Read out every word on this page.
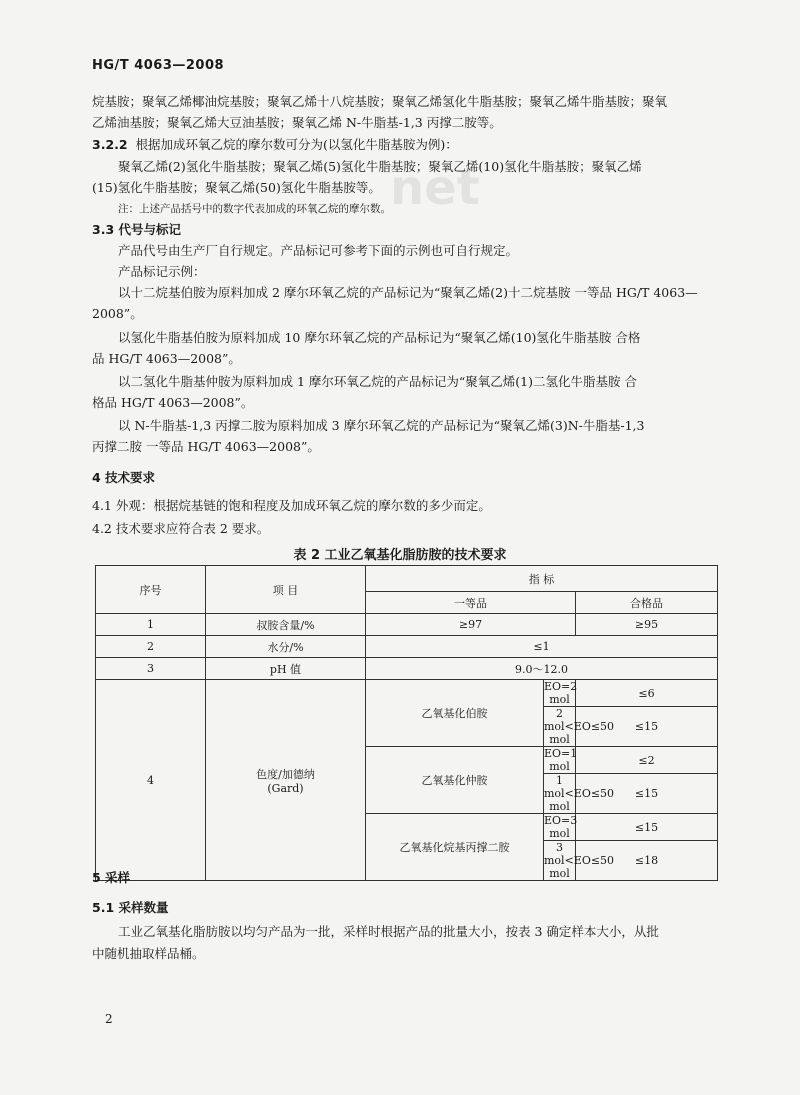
net
HG/T 4063—2008
烷基胺；聚氧乙烯椰油烷基胺；聚氧乙烯十八烷基胺；聚氧乙烯氢化牛脂基胺；聚氧乙烯牛脂基胺；聚氧
乙烯油基胺；聚氧乙烯大豆油基胺；聚氧乙烯 N-牛脂基-1,3 丙撑二胺等。
3.2.2 根据加成环氧乙烷的摩尔数可分为(以氢化牛脂基胺为例)：
聚氧乙烯(2)氢化牛脂基胺；聚氧乙烯(5)氢化牛脂基胺；聚氧乙烯(10)氢化牛脂基胺；聚氧乙烯
(15)氢化牛脂基胺；聚氧乙烯(50)氢化牛脂基胺等。
注：上述产品括号中的数字代表加成的环氧乙烷的摩尔数。
3.3 代号与标记
产品代号由生产厂自行规定。产品标记可参考下面的示例也可自行规定。
产品标记示例：
以十二烷基伯胺为原料加成 2 摩尔环氧乙烷的产品标记为“聚氧乙烯(2)十二烷基胺 一等品 HG/T 4063—
2008”。
以氢化牛脂基伯胺为原料加成 10 摩尔环氧乙烷的产品标记为“聚氧乙烯(10)氢化牛脂基胺 合格
品 HG/T 4063—2008”。
以二氢化牛脂基仲胺为原料加成 1 摩尔环氧乙烷的产品标记为“聚氧乙烯(1)二氢化牛脂基胺 合
格品 HG/T 4063—2008”。
以 N-牛脂基-1,3 丙撑二胺为原料加成 3 摩尔环氧乙烷的产品标记为“聚氧乙烯(3)N-牛脂基-1,3
丙撑二胺 一等品 HG/T 4063—2008”。
4 技术要求
4.1 外观：根据烷基链的饱和程度及加成环氧乙烷的摩尔数的多少而定。
4.2 技术要求应符合表 2 要求。
表 2 工业乙氧基化脂肪胺的技术要求
序号	项 目	指 标		
		一等品		合格品
1	叔胺含量/%	≥97		≥95
2	水分/%	≤1		
3	pH 值	9.0～12.0		
4	色度/加德纳
(Gard)	乙氧基化伯胺	EO=2 mol	≤6
			2 mol<EO≤50 mol	≤15
		乙氧基化仲胺	EO=1 mol	≤2
			1 mol<EO≤50 mol	≤15
		乙氧基化烷基丙撑二胺	EO=3 mol	≤15
			3 mol<EO≤50 mol	≤18
2
5 采样
5.1 采样数量
工业乙氧基化脂肪胺以均匀产品为一批，采样时根据产品的批量大小，按表 3 确定样本大小，从批
中随机抽取样品桶。
